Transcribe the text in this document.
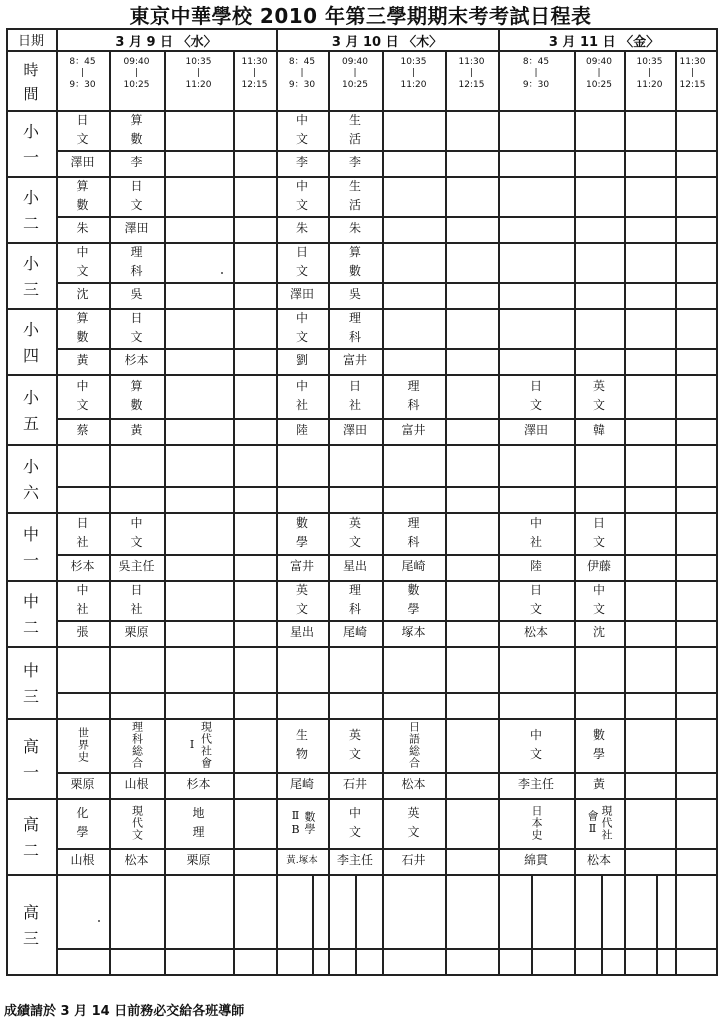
東京中華學校 2010 年第三學期期末考考試日程表
日期
時
間
3 月 9 日 〈水〉
8：45
|
9：30
09:40
|
10:25
10:35
|
11:20
11:30
|
12:15
3 月 10 日 〈木〉
8：45
|
9：30
09:40
|
10:25
10:35
|
11:20
11:30
|
12:15
3 月 11 日 〈金〉
8：45
|
9：30
09:40
|
10:25
10:35
|
11:20
11:30
|
12:15
小
一
日
文
澤田
算
數
李
中
文
李
生
活
李
小
二
算
數
朱
日
文
澤田
中
文
朱
生
活
朱
小
三
中
文
沈
理
科
吳
日
文
澤田
算
數
吳
小
四
算
數
黃
日
文
杉本
中
文
劉
理
科
富井
小
五
中
文
蔡
算
數
黃
中
社
陸
日
社
澤田
理
科
富井
日
文
澤田
英
文
韓
小
六
中
一
日
社
杉本
中
文
吳主任
數
學
富井
英
文
星出
理
科
尾崎
中
社
陸
日
文
伊藤
中
二
中
社
張
日
社
栗原
英
文
星出
理
科
尾崎
數
學
塚本
日
文
松本
中
文
沈
中
三
高
一
世界史
栗原
理科総合
山根
現代社會Ⅰ
杉本
生
物
尾崎
英
文
石井
日語総合
松本
中
文
李主任
數
學
黃
高
二
化
學
山根
現代文
松本
地
理
栗原
數學ⅡB
黃.塚本
中
文
李主任
英
文
石井
日本史
綿貫
現代社會Ⅱ
松本
高
三
成績請於 3 月 14 日前務必交給各班導師
